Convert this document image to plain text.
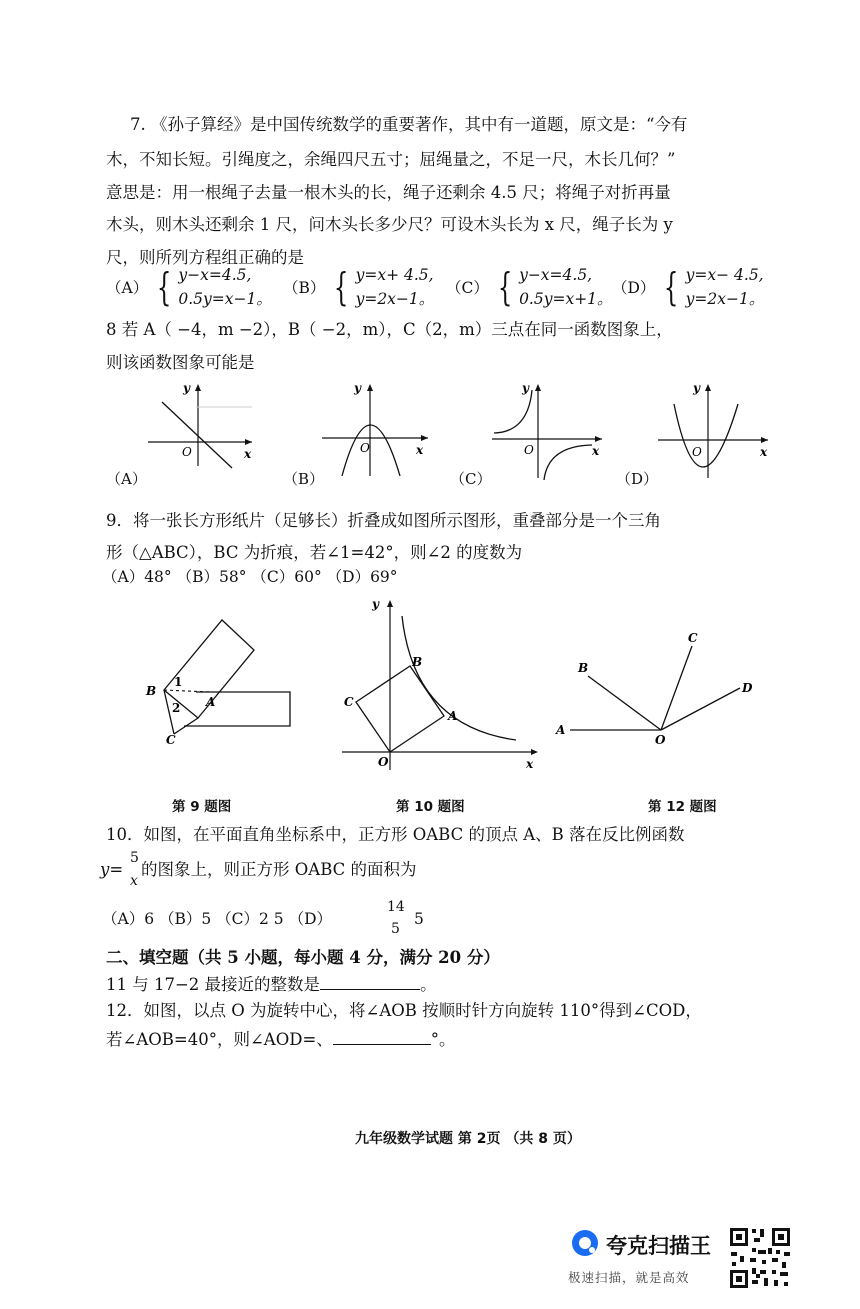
7. 《孙子算经》是中国传统数学的重要著作，其中有一道题，原文是：“今有
木，不知长短。引绳度之，余绳四尺五寸；屈绳量之，不足一尺，木长几何？”
意思是：用一根绳子去量一根木头的长，绳子还剩余 4.5 尺；将绳子对折再量
木头，则木头还剩余 1 尺，问木头长多少尺？可设木头长为 x 尺，绳子长为 y
尺，则所列方程组正确的是
（A） { y−x=4.5,
0.5y=x−1。
（B） { y=x+ 4.5,
y=2x−1。
（C） { y−x=4.5,
0.5y=x+1。
（D） { y=x− 4.5,
y=2x−1。
8 若 A（ −4，m −2），B（ −2，m），C（2，m）三点在同一函数图象上，
则该函数图象可能是
y
x
O
（A）
y
x
O
（B）
y
x
O
（C）
y
x
O
（D）
9．将一张长方形纸片（足够长）折叠成如图所示图形，重叠部分是一个三角
形（△ABC），BC 为折痕，若∠1=42°，则∠2 的度数为
（A）48° （B）58° （C）60° （D）69°
B
A
C
1
2
第 9 题图
y
x
O
A
B
C
第 10 题图
A
B
C
D
O
第 12 题图
10．如图，在平面直角坐标系中，正方形 OABC 的顶点 A、B 落在反比例函数
y=
5
x
的图象上，则正方形 OABC 的面积为
（A）6 （B）5 （C）2 5 （D）
14
5
5
二、填空题（共 5 小题，每小题 4 分，满分 20 分）
11 与 17−2 最接近的整数是	。
12．如图，以点 O 为旋转中心，将∠AOB 按顺时针方向旋转 110°得到∠COD，
若∠AOB=40°，则∠AOD=、	°。
九年级数学试题 第 2页 （共 8 页）
夸克扫描王
极速扫描，就是高效
